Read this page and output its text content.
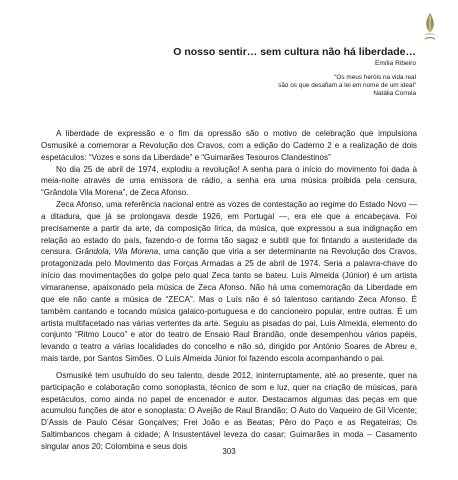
O nosso sentir… sem cultura não há liberdade…
Emília Ribeiro
“Os meus heróis na vida real
são os que desafiam a lei em nome de um ideal”
Natália Correia

A liberdade de expressão e o fim da opressão são o motivo de celebração que impulsiona Osmusiké a comemorar a Revolução dos Cravos, com a edição do Caderno 2 e a realização de dois espetáculos: “Vozes e sons da Liberdade” e “Guimarães Tesouros Clandestinos”

No dia 25 de abril de 1974, explodiu a revolução! A senha para o início do movimento foi dada à meia-noite através de uma emissora de rádio, a senha era uma música proibida pela censura, “Grândola Vila Morena”, de Zeca Afonso.

Zeca Afonso, uma referência nacional entre as vozes de contestação ao regime do Estado Novo — a ditadura, que já se prolongava desde 1926, em Portugal —, era ele que a encabeçava. Foi precisamente a partir da arte, da composição lírica, da música, que expressou a sua indignação em relação ao estado do país, fazendo-o de forma tão sagaz e subtil que foi fintando a austeridade da censura. Grândola, Vila Morena, uma canção que viria a ser determinante na Revolução dos Cravos, protagonizada pelo Movimento das Forças Armadas a 25 de abril de 1974. Seria a palavra-chave do início das movimentações do golpe pelo qual Zeca tanto se bateu. Luís Almeida (Júnior) é um artista vimaranense, apaixonado pela música de Zeca Afonso. Não há uma comemoração da Liberdade em que ele não cante a música de “ZECA”. Mas o Luís não é só talentoso cantando Zeca Afonso. É também cantando e tocando música galaico-portuguesa e do cancioneiro popular, entre outras. É um artista multifacetado nas várias vertentes da arte. Seguiu as pisadas do pai, Luís Almeida, elemento do conjunto “Ritmo Louco” e ator do teatro de Ensaio Raul Brandão, onde desempenhou vários papéis, levando o teatro a várias localidades do concelho e não só, dirigido por António Soares de Abreu e, mais tarde, por Santos Simões. O Luís Almeida Júnior foi fazendo escola acompanhando o pai.

Osmusiké tem usufruído do seu talento, desde 2012, ininterruptamente, até ao presente, quer na participação e colaboração como sonoplasta, técnico de som e luz, quer na criação de músicas, para espetáculos, como ainda no papel de encenador e autor. Destacamos algumas das peças em que acumulou funções de ator e sonoplasta: O Avejão de Raul Brandão; O Auto do Vaqueiro de Gil Vicente; D’Assis de Paulo César Gonçalves; Frei João e as Beatas; Pêro do Paço e as Regateiras; Os Saltimbancos chegam à cidade; A Insustentável leveza do casar; Guimarães in moda – Casamento singular anos 20; Colombina e seus dois

303
